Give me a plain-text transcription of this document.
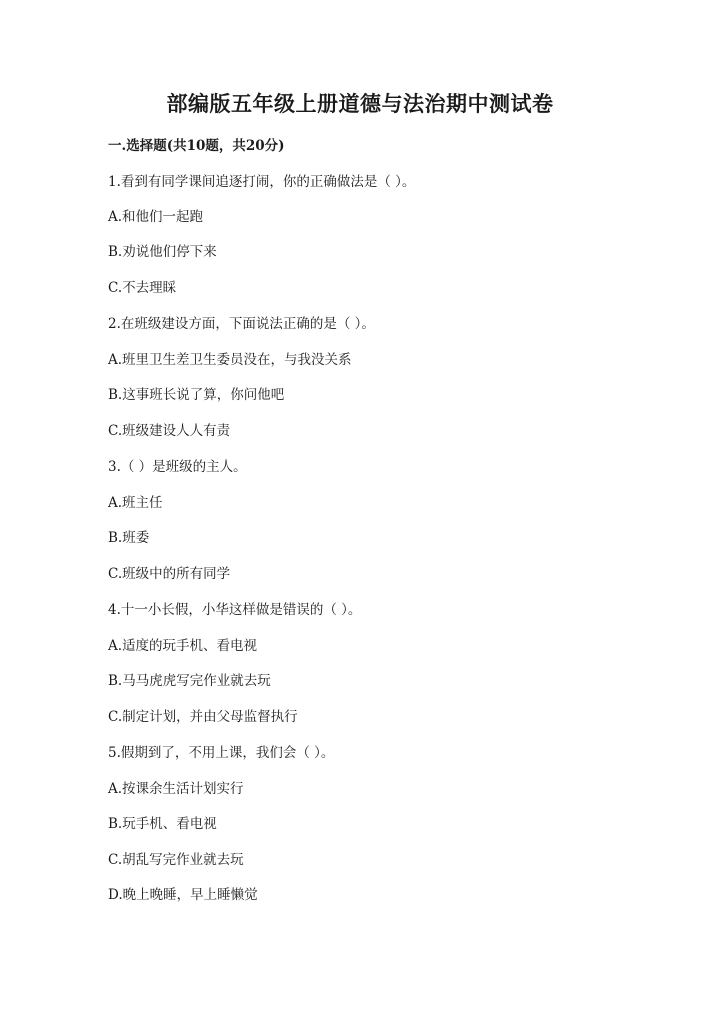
部编版五年级上册道德与法治期中测试卷
一.选择题(共10题，共20分)
1.看到有同学课间追逐打闹，你的正确做法是（ ）。
A.和他们一起跑
B.劝说他们停下来
C.不去理睬
2.在班级建设方面，下面说法正确的是（ ）。
A.班里卫生差卫生委员没在，与我没关系
B.这事班长说了算，你问他吧
C.班级建设人人有责
3.（ ）是班级的主人。
A.班主任
B.班委
C.班级中的所有同学
4.十一小长假，小华这样做是错误的（ ）。
A.适度的玩手机、看电视
B.马马虎虎写完作业就去玩
C.制定计划，并由父母监督执行
5.假期到了，不用上课，我们会（ ）。
A.按课余生活计划实行
B.玩手机、看电视
C.胡乱写完作业就去玩
D.晚上晚睡，早上睡懒觉
